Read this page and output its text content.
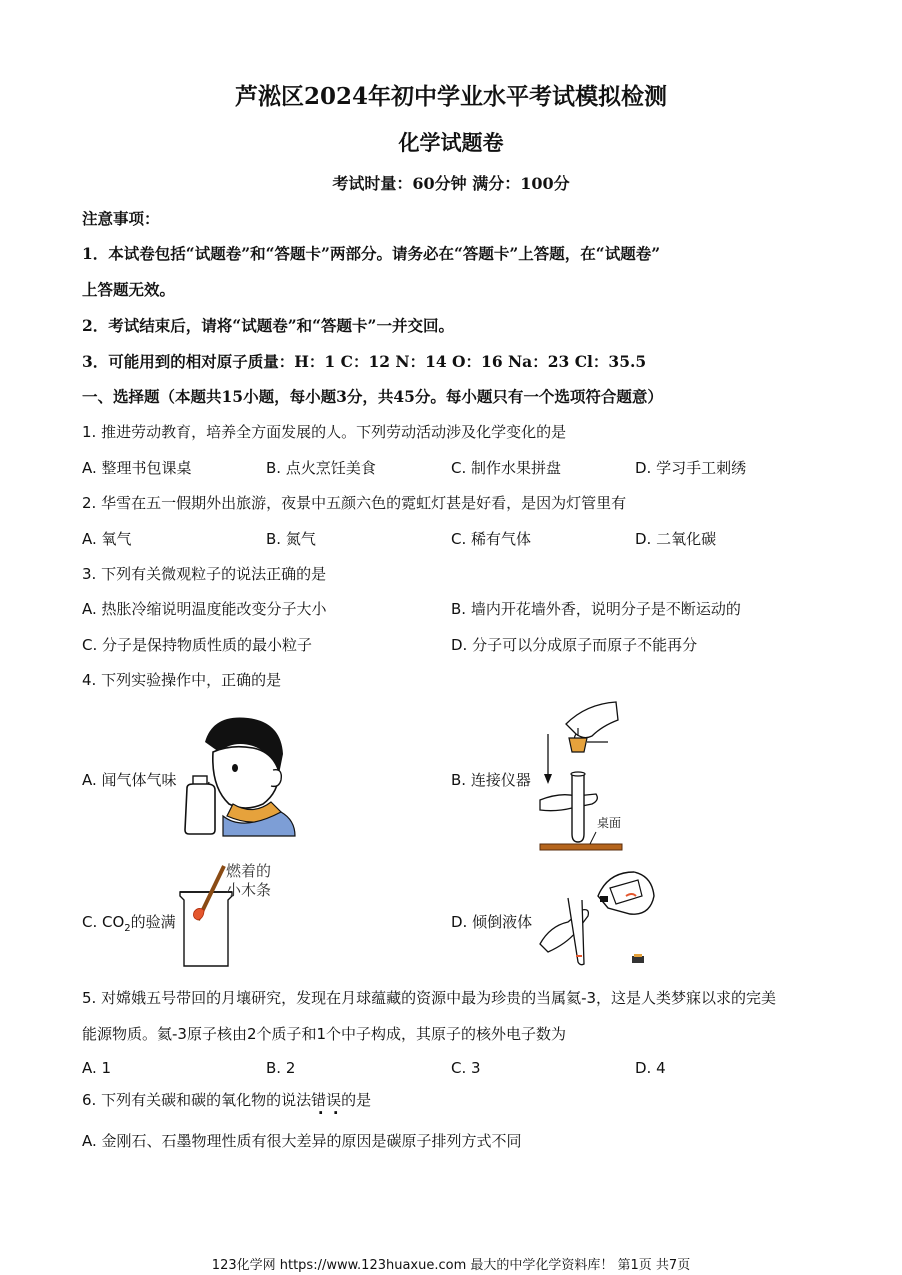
芦淞区2024年初中学业水平考试模拟检测
化学试题卷
考试时量：60分钟 满分：100分
注意事项：
1．本试卷包括“试题卷”和“答题卡”两部分。请务必在“答题卡”上答题，在“试题卷”
上答题无效。
2．考试结束后，请将“试题卷”和“答题卡”一并交回。
3．可能用到的相对原子质量：H：1 C：12 N：14 O：16 Na：23 Cl：35.5
一、选择题（本题共15小题，每小题3分，共45分。每小题只有一个选项符合题意）
1. 推进劳动教育，培养全方面发展的人。下列劳动活动涉及化学变化的是
A. 整理书包课桌	B. 点火烹饪美食	C. 制作水果拼盘	D. 学习手工刺绣
2. 华雪在五一假期外出旅游，夜景中五颜六色的霓虹灯甚是好看，是因为灯管里有
A. 氧气	B. 氮气	C. 稀有气体	D. 二氧化碳
3. 下列有关微观粒子的说法正确的是
A. 热胀冷缩说明温度能改变分子大小	B. 墙内开花墙外香，说明分子是不断运动的
C. 分子是保持物质性质的最小粒子	D. 分子可以分成原子而原子不能再分
4. 下列实验操作中，正确的是
A. 闻气体气味	B. 连接仪器
桌面
C. $CO_2$的验满
燃着的
小木条
D. 倾倒液体
5. 对嫦娥五号带回的月壤研究，发现在月球蕴藏的资源中最为珍贵的当属氦-3，这是人类梦寐以求的完美
能源物质。氦-3原子核由2个质子和1个中子构成，其原子的核外电子数为
A. 1	B. 2	C. 3	D. 4
6. 下列有关碳和碳的氧化物的说法错误的是
A. 金刚石、石墨物理性质有很大差异的原因是碳原子排列方式不同
123化学网 https://www.123huaxue.com 最大的中学化学资料库！ 第1页 共7页
